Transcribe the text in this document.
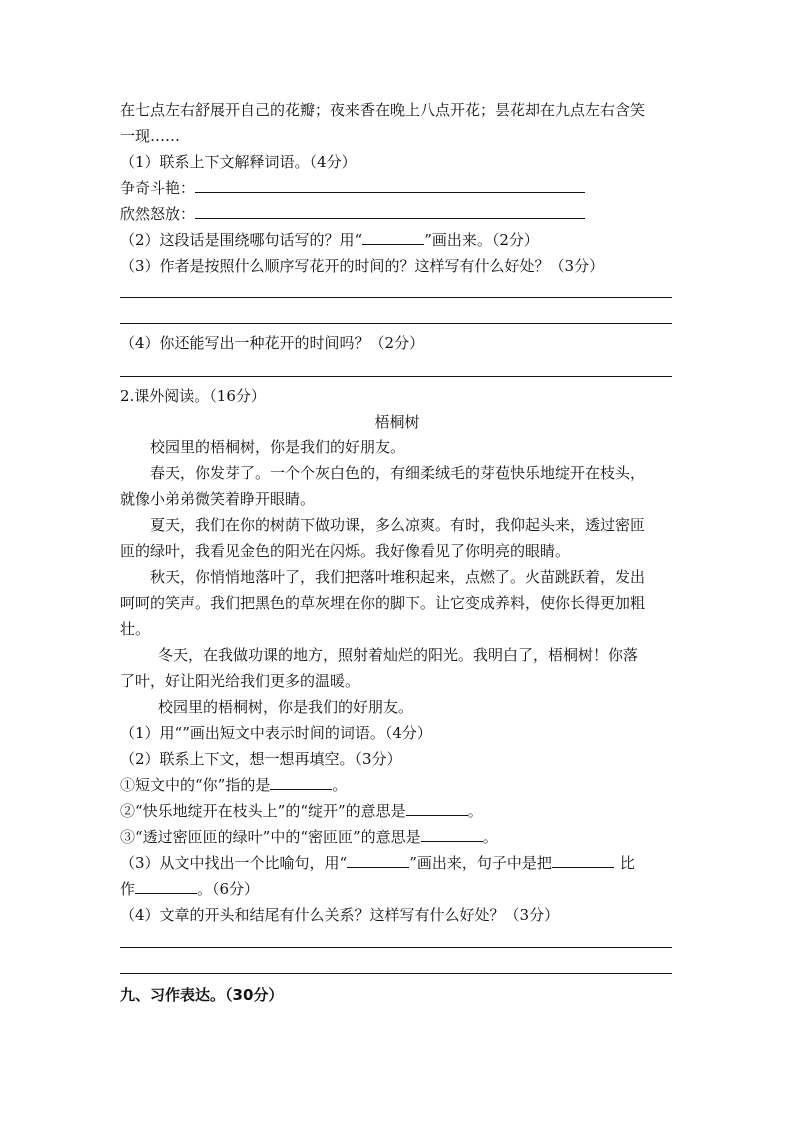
在七点左右舒展开自己的花瓣；夜来香在晚上八点开花；昙花却在九点左右含笑
一现……
（1）联系上下文解释词语。（4分）
争奇斗艳：
欣然怒放：
（2）这段话是围绕哪句话写的？用“	”画出来。（2分）
（3）作者是按照什么顺序写花开的时间的？这样写有什么好处？（3分）
（4）你还能写出一种花开的时间吗？（2分）
2.课外阅读。（16分）
梧桐树
校园里的梧桐树，你是我们的好朋友。
春天，你发芽了。一个个灰白色的，有细柔绒毛的芽苞快乐地绽开在枝头，
就像小弟弟微笑着睁开眼睛。
夏天，我们在你的树荫下做功课，多么凉爽。有时，我仰起头来，透过密匝
匝的绿叶，我看见金色的阳光在闪烁。我好像看见了你明亮的眼睛。
秋天，你悄悄地落叶了，我们把落叶堆积起来，点燃了。火苗跳跃着，发出
呵呵的笑声。我们把黑色的草灰埋在你的脚下。让它变成养料，使你长得更加粗
壮。
冬天，在我做功课的地方，照射着灿烂的阳光。我明白了，梧桐树！你落
了叶，好让阳光给我们更多的温暖。
校园里的梧桐树，你是我们的好朋友。
（1）用“”画出短文中表示时间的词语。（4分）
（2）联系上下文，想一想再填空。（3分）
①短文中的“你”指的是	。
②“快乐地绽开在枝头上”的“绽开”的意思是	。
③“透过密匝匝的绿叶”中的“密匝匝”的意思是	。
（3）从文中找出一个比喻句，用“	”画出来，句子中是把	比
作	。（6分）
（4）文章的开头和结尾有什么关系？这样写有什么好处？（3分）
九、习作表达。（30分）
